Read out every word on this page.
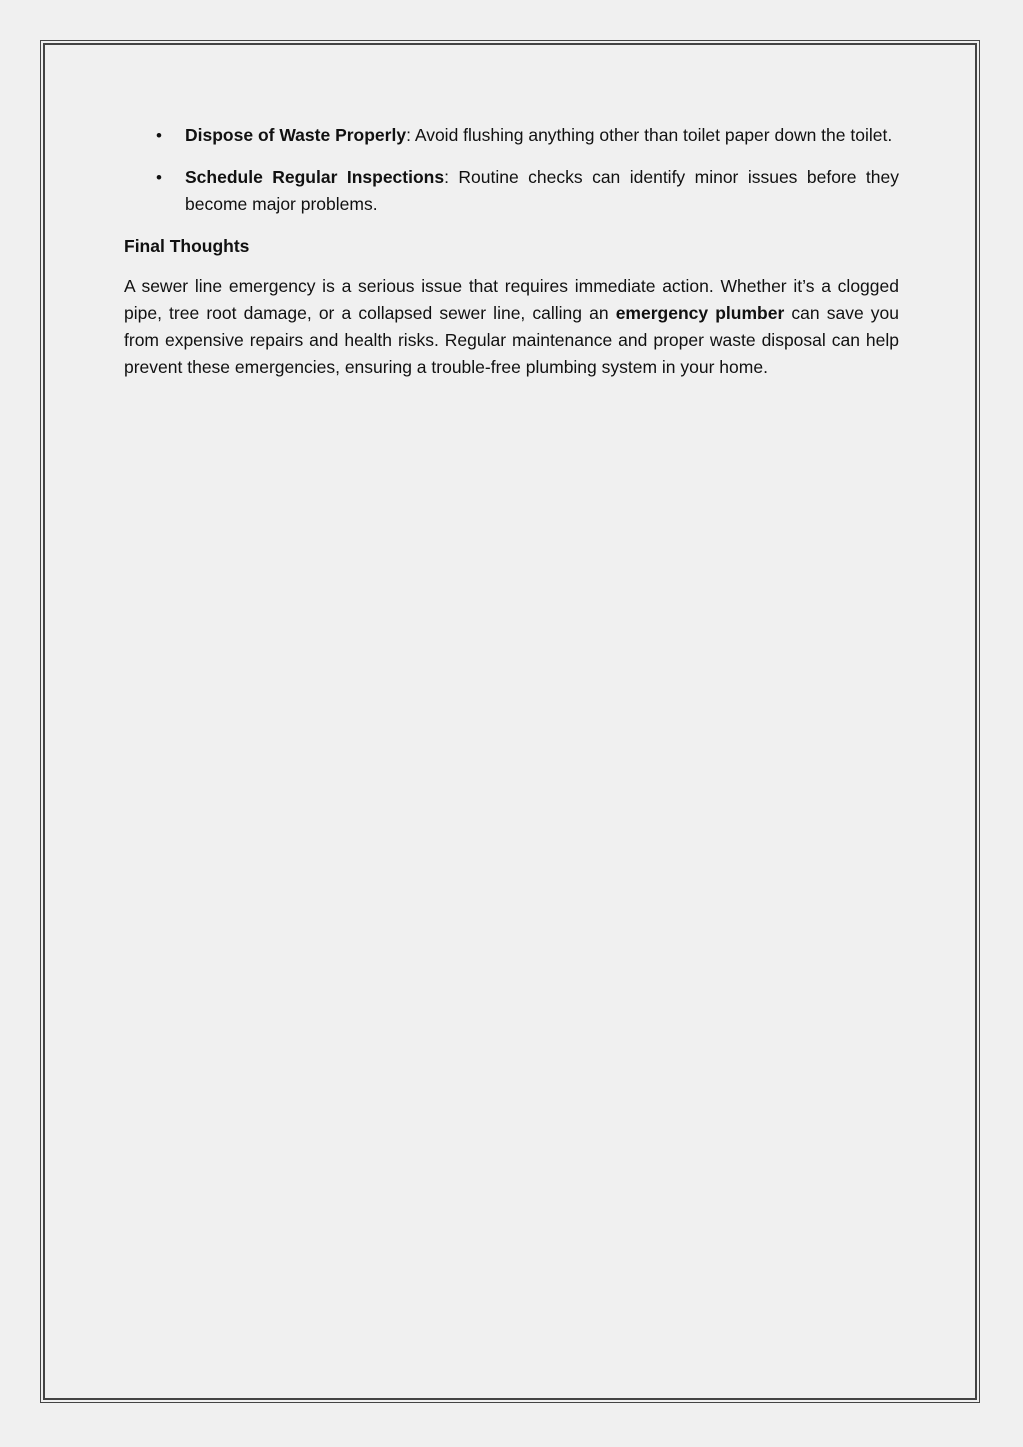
• Dispose of Waste Properly: Avoid flushing anything other than toilet paper down the toilet.
• Schedule Regular Inspections: Routine checks can identify minor issues before they become major problems.
Final Thoughts

A sewer line emergency is a serious issue that requires immediate action. Whether it’s a clogged pipe, tree root damage, or a collapsed sewer line, calling an emergency plumber can save you from expensive repairs and health risks. Regular maintenance and proper waste disposal can help prevent these emergencies, ensuring a trouble-free plumbing system in your home.
